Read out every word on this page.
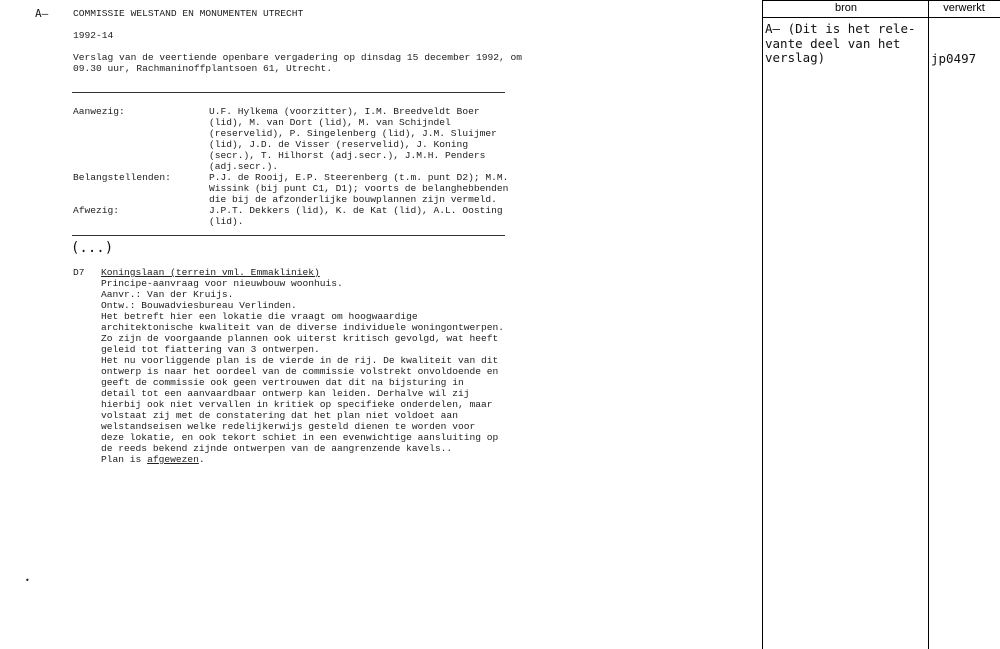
A–	COMMISSIE WELSTAND EN MONUMENTEN UTRECHT
1992-14
Verslag van de veertiende openbare vergadering op dinsdag 15 december 1992, om
09.30 uur, Rachmaninoffplantsoen 61, Utrecht.
Aanwezig:	U.F. Hylkema (voorzitter), I.M. Breedveldt Boer
(lid), M. van Dort (lid), M. van Schijndel
(reservelid), P. Singelenberg (lid), J.M. Sluijmer
(lid), J.D. de Visser (reservelid), J. Koning
(secr.), T. Hilhorst (adj.secr.), J.M.H. Penders
(adj.secr.).
Belangstellenden:	P.J. de Rooij, E.P. Steerenberg (t.m. punt D2); M.M.
Wissink (bij punt C1, D1); voorts de belanghebbenden
die bij de afzonderlijke bouwplannen zijn vermeld.
Afwezig:	J.P.T. Dekkers (lid), K. de Kat (lid), A.L. Oosting
(lid).
(...)
D7 Koningslaan (terrein vml. Emmakliniek)
Principe-aanvraag voor nieuwbouw woonhuis.
Aanvr.: Van der Kruijs.
Ontw.: Bouwadviesbureau Verlinden.
Het betreft hier een lokatie die vraagt om hoogwaardige
architektonische kwaliteit van de diverse individuele woningontwerpen.
Zo zijn de voorgaande plannen ook uiterst kritisch gevolgd, wat heeft
geleid tot fiattering van 3 ontwerpen.
Het nu voorliggende plan is de vierde in de rij. De kwaliteit van dit
ontwerp is naar het oordeel van de commissie volstrekt onvoldoende en
geeft de commissie ook geen vertrouwen dat dit na bijsturing in
detail tot een aanvaardbaar ontwerp kan leiden. Derhalve wil zij
hierbij ook niet vervallen in kritiek op specifieke onderdelen, maar
volstaat zij met de constatering dat het plan niet voldoet aan
welstandseisen welke redelijkerwijs gesteld dienen te worden voor
deze lokatie, en ook tekort schiet in een evenwichtige aansluiting op
de reeds bekend zijnde ontwerpen van de aangrenzende kavels..
Plan is afgewezen.
•
bron	verwerkt
A– (Dit is het rele-
vante deel van het
verslag)	jp0497
